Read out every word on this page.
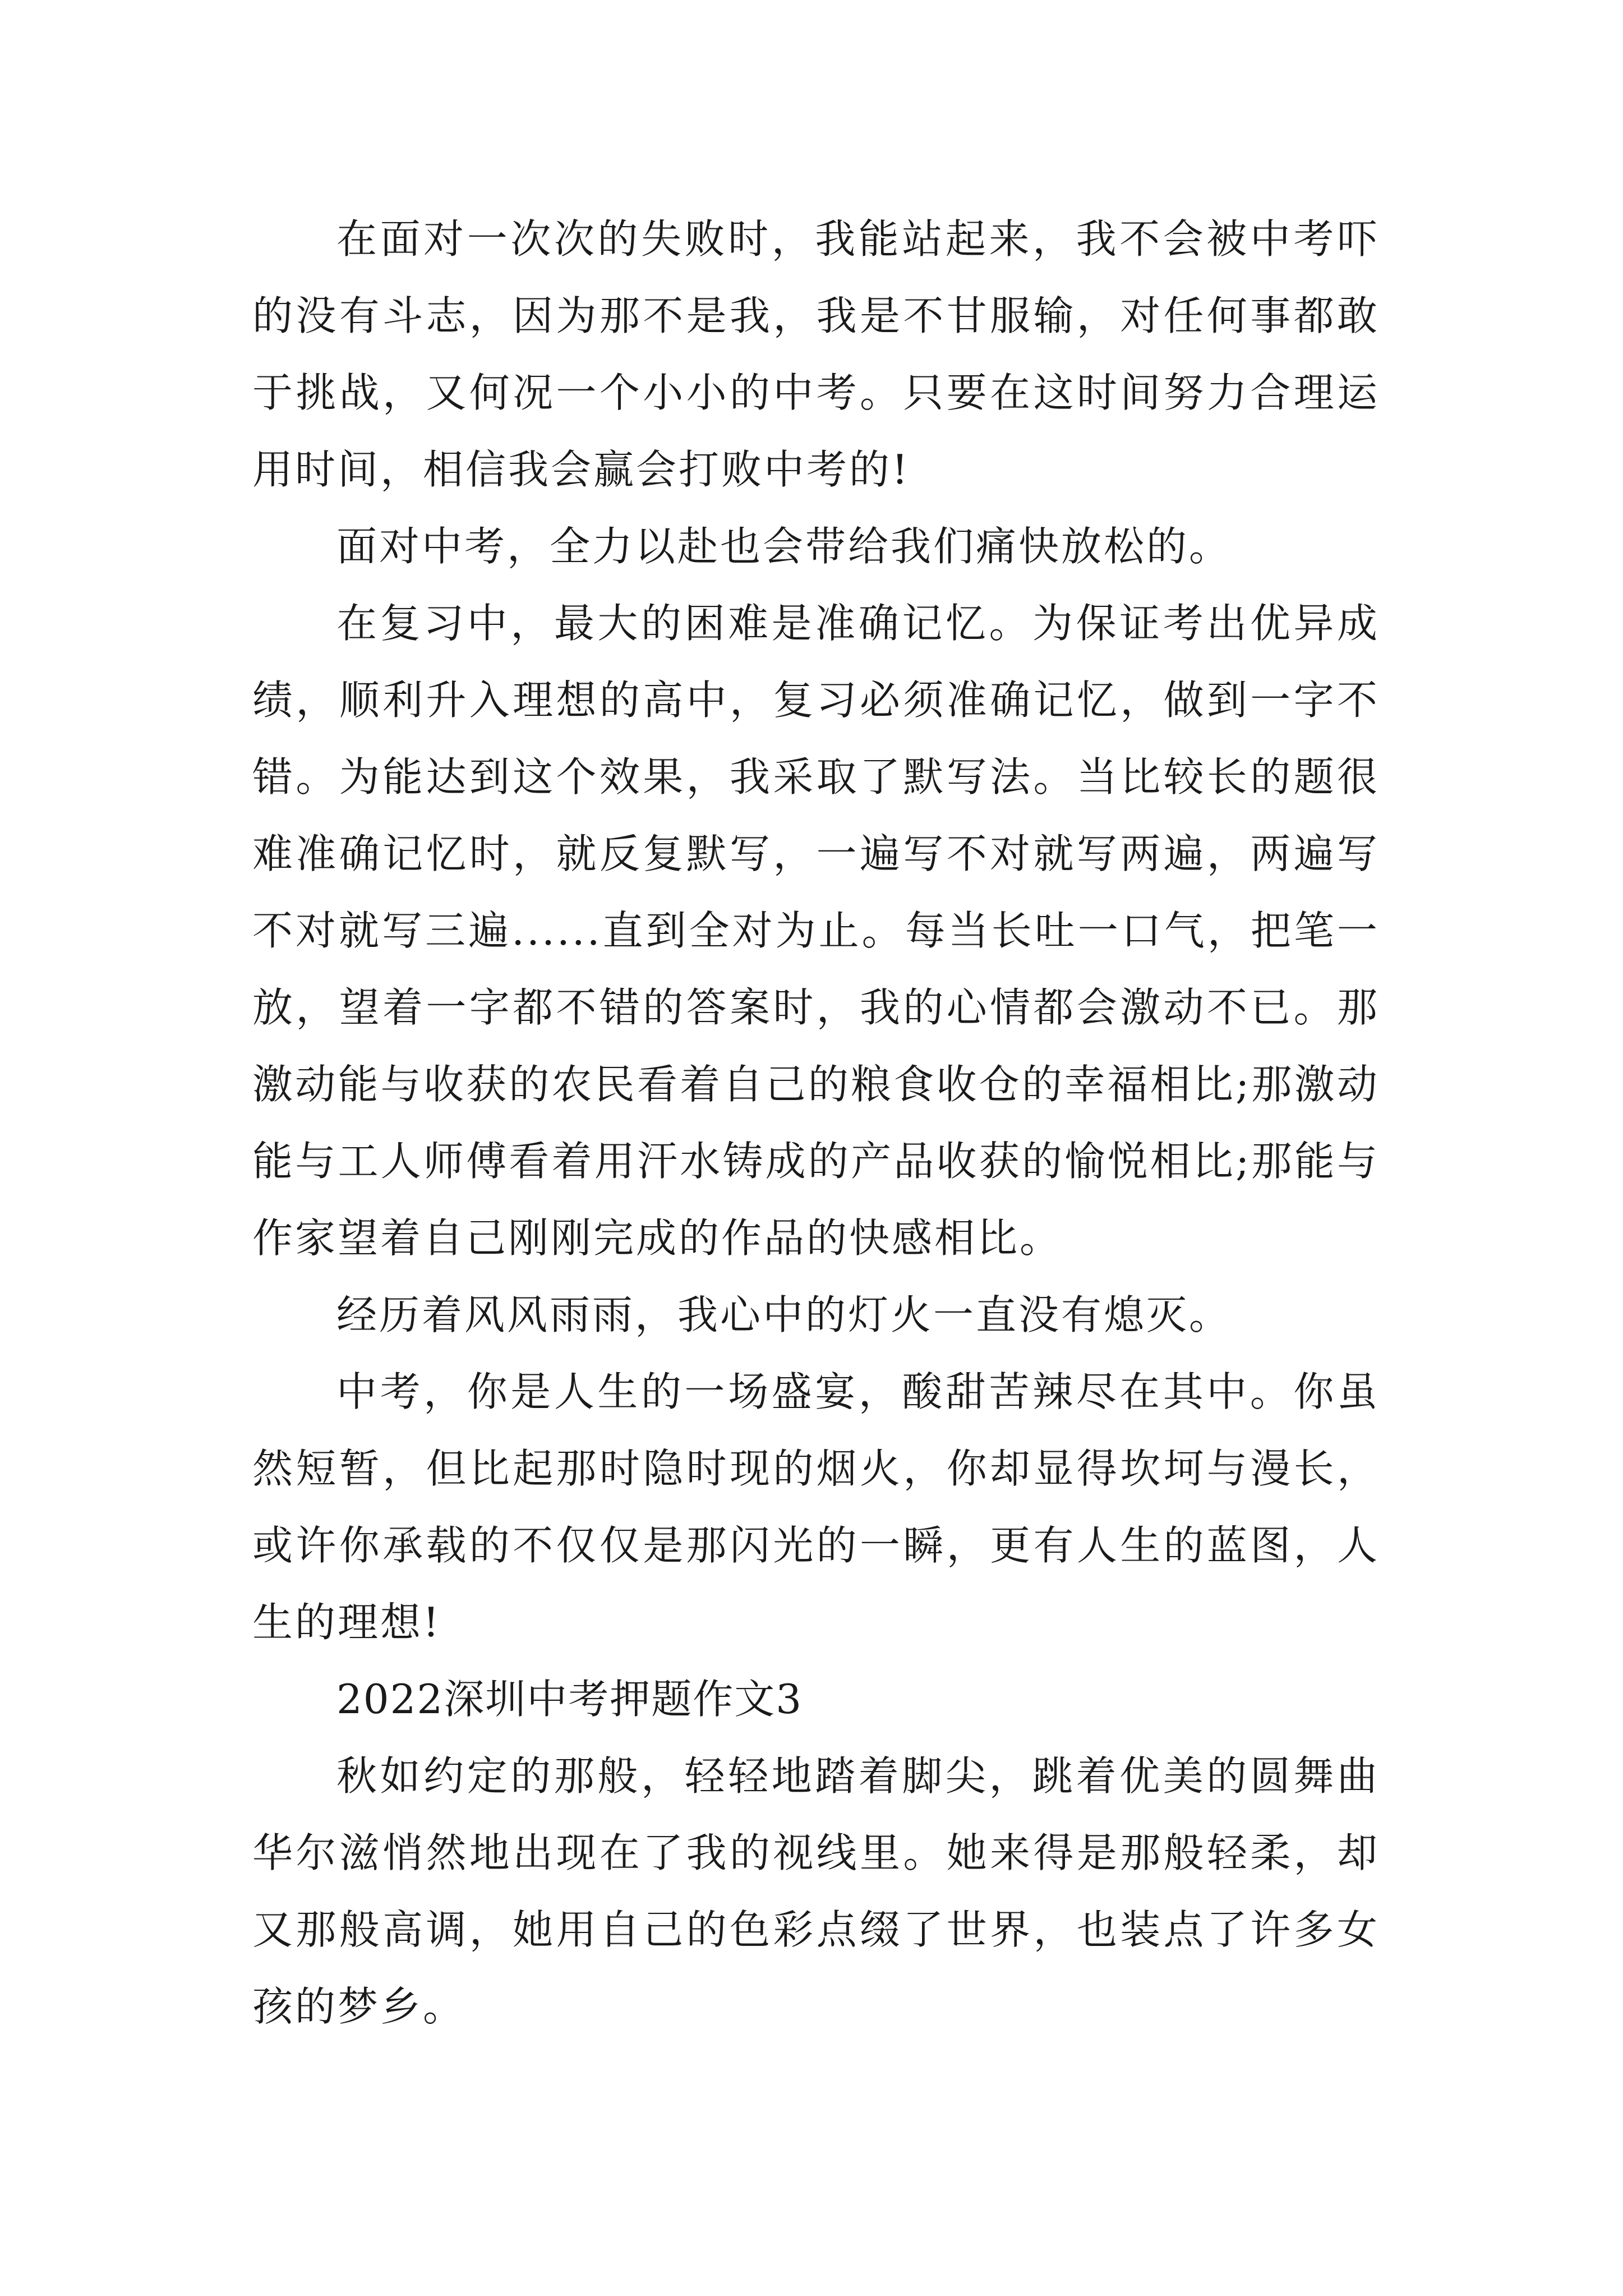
在面对一次次的失败时，我能站起来，我不会被中考吓的没有斗志，因为那不是我，我是不甘服输，对任何事都敢于挑战，又何况一个小小的中考。只要在这时间努力合理运用时间，相信我会赢会打败中考的!

面对中考，全力以赴也会带给我们痛快放松的。

在复习中，最大的困难是准确记忆。为保证考出优异成绩，顺利升入理想的高中，复习必须准确记忆，做到一字不错。为能达到这个效果，我采取了默写法。当比较长的题很难准确记忆时，就反复默写，一遍写不对就写两遍，两遍写不对就写三遍......直到全对为止。每当长吐一口气，把笔一放，望着一字都不错的答案时，我的心情都会激动不已。那激动能与收获的农民看着自己的粮食收仓的幸福相比;那激动能与工人师傅看着用汗水铸成的产品收获的愉悦相比;那能与作家望着自己刚刚完成的作品的快感相比。

经历着风风雨雨，我心中的灯火一直没有熄灭。

中考，你是人生的一场盛宴，酸甜苦辣尽在其中。你虽然短暂，但比起那时隐时现的烟火，你却显得坎坷与漫长，或许你承载的不仅仅是那闪光的一瞬，更有人生的蓝图，人生的理想!

2022深圳中考押题作文3

秋如约定的那般，轻轻地踏着脚尖，跳着优美的圆舞曲华尔滋悄然地出现在了我的视线里。她来得是那般轻柔，却又那般高调，她用自己的色彩点缀了世界，也装点了许多女孩的梦乡。
